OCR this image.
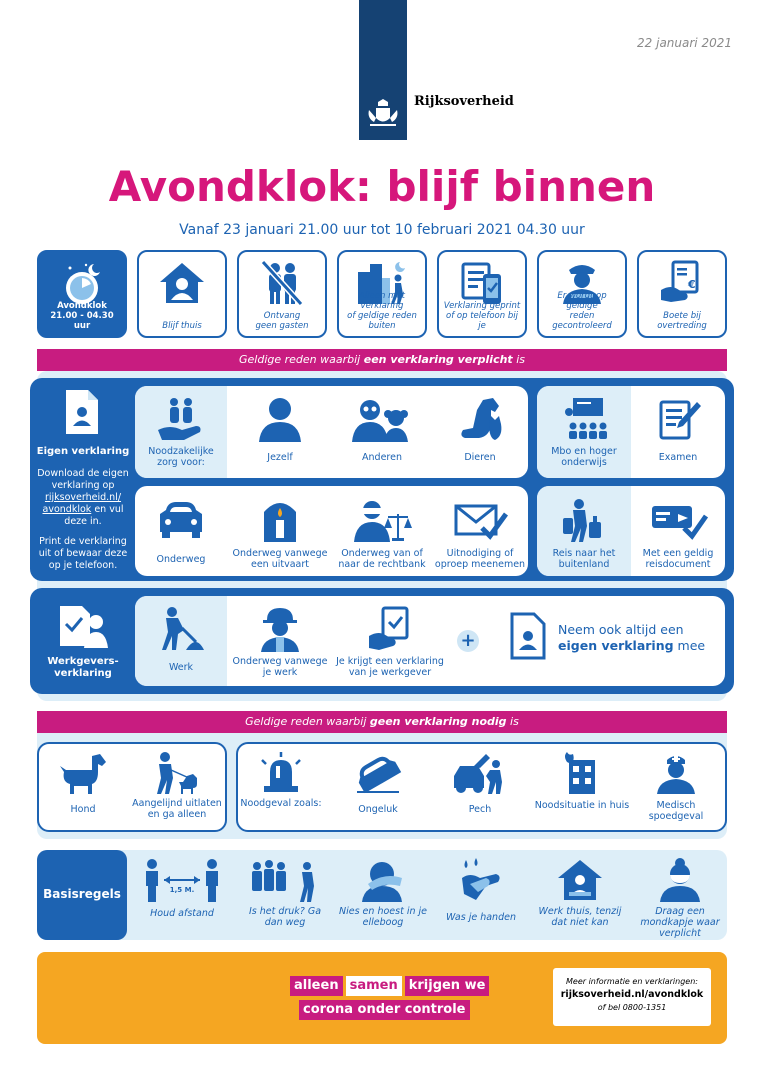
22 januari 2021
Rijksoverheid
Avondklok: blijf binnen
Vanaf 23 januari 21.00 uur tot 10 februari 2021 04.30 uur
Avondklok
21.00 - 04.30 uur	Blijf thuis
Ontvang
geen gasten
Alleen met verklaring
of geldige reden buiten
Verklaring geprint
of op telefoon bij je
Er wordt op geldige
reden gecontroleerd
€
Boete bij
overtreding
Geldige reden waarbij een verklaring verplicht is
Eigen verklaring
Download de eigen verklaring op rijksoverheid.nl/ avondklok en vul deze in.
Print de verklaring uit of bewaar deze op je telefoon.
Noodzakelijke zorg voor:	Jezelf	Anderen	Dieren
Mbo en hoger onderwijs	Examen
Onderweg
Onderweg vanwege een uitvaart
Onderweg van of naar de rechtbank
Uitnodiging of oproep meenemen
Reis naar het buitenland
Met een geldig reisdocument
Werkgevers-
verklaring
Werk
Onderweg vanwege je werk
Je krijgt een verklaring van je werkgever
+
Neem ook altijd een
eigen verklaring mee
Geldige reden waarbij geen verklaring nodig is
Hond
Aangelijnd uitlaten en ga alleen
Noodgeval zoals:
Ongeluk	Pech	Noodsituatie in huis	Medisch spoedgeval
Basisregels	1,5 M.
Houd afstand	Is het druk? Ga dan weg
Nies en hoest in je elleboog	Was je handen
Werk thuis, tenzij dat niet kan
Draag een mondkapje waar verplicht
alleen samen krijgen we
corona onder controle
Meer informatie en verklaringen:
rijksoverheid.nl/avondklok
of bel 0800-1351
